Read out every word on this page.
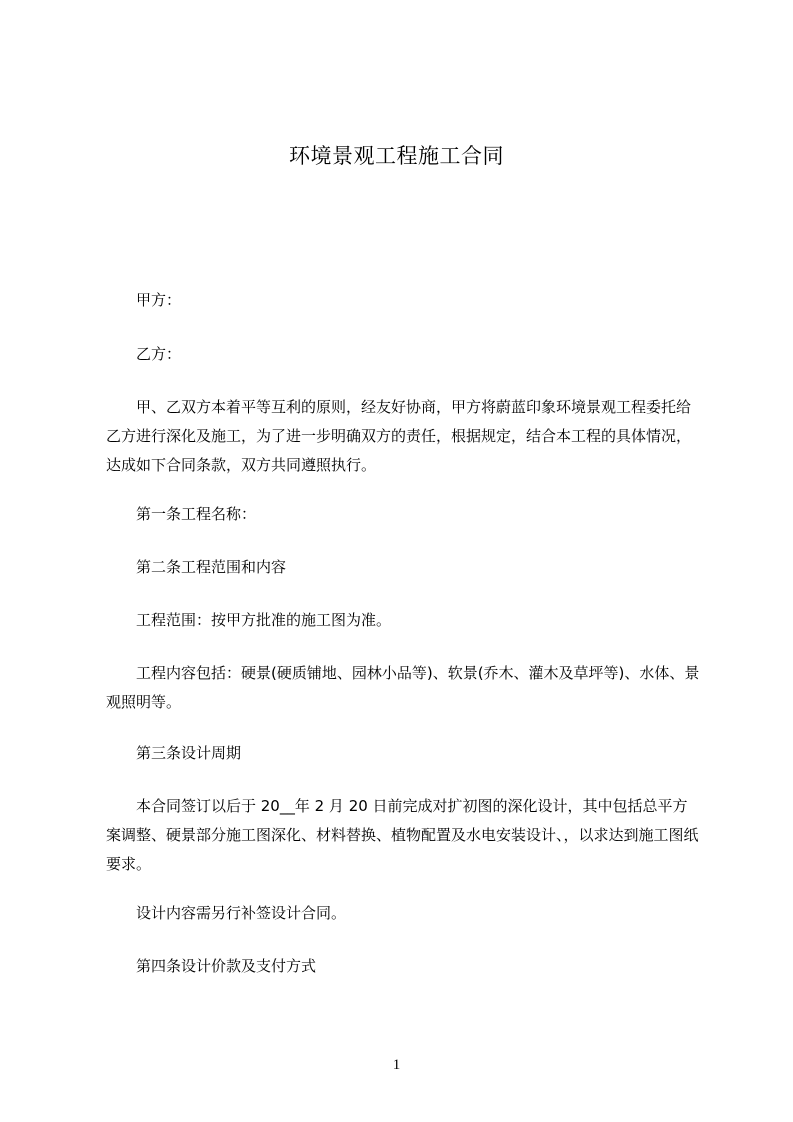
环境景观工程施工合同

甲方：

乙方：

甲、乙双方本着平等互利的原则，经友好协商，甲方将蔚蓝印象环境景观工程委托给乙方进行深化及施工，为了进一步明确双方的责任，根据规定，结合本工程的具体情况，达成如下合同条款，双方共同遵照执行。

第一条工程名称：

第二条工程范围和内容

工程范围：按甲方批准的施工图为准。

工程内容包括：硬景(硬质铺地、园林小品等)、软景(乔木、灌木及草坪等)、水体、景观照明等。

第三条设计周期

本合同签订以后于 20__年 2 月 20 日前完成对扩初图的深化设计，其中包括总平方案调整、硬景部分施工图深化、材料替换、植物配置及水电安装设计、，以求达到施工图纸要求。

设计内容需另行补签设计合同。

第四条设计价款及支付方式

1
